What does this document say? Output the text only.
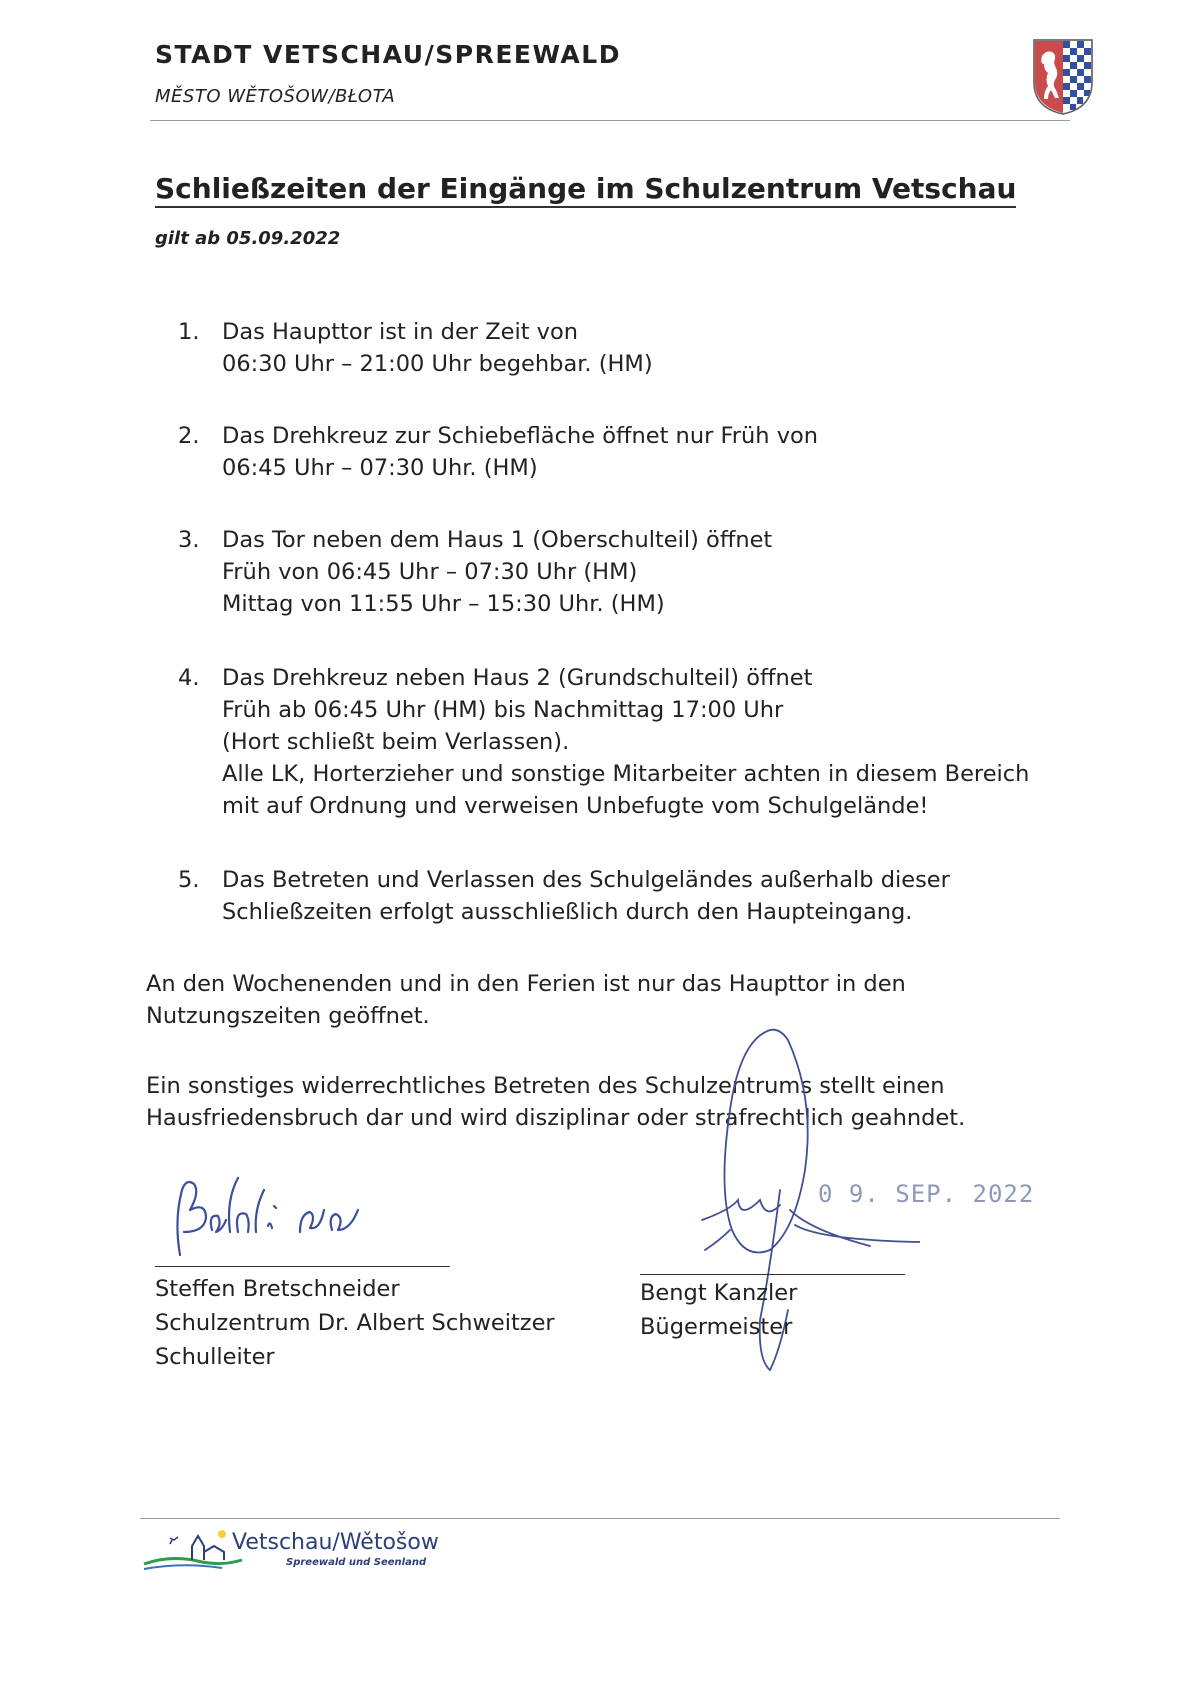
STADT VETSCHAU/SPREEWALD
MĚSTO WĚTOŠOW/BŁOTA
Schließzeiten der Eingänge im Schulzentrum Vetschau
gilt ab 05.09.2022
1.	Das Haupttor ist in der Zeit von
06:30 Uhr – 21:00 Uhr begehbar. (HM)
2.	Das Drehkreuz zur Schiebefläche öffnet nur Früh von
06:45 Uhr – 07:30 Uhr. (HM)
3.	Das Tor neben dem Haus 1 (Oberschulteil) öffnet
Früh von 06:45 Uhr – 07:30 Uhr (HM)
Mittag von 11:55 Uhr – 15:30 Uhr. (HM)
4.	Das Drehkreuz neben Haus 2 (Grundschulteil) öffnet
Früh ab 06:45 Uhr (HM) bis Nachmittag 17:00 Uhr
(Hort schließt beim Verlassen).
Alle LK, Horterzieher und sonstige Mitarbeiter achten in diesem Bereich
mit auf Ordnung und verweisen Unbefugte vom Schulgelände!
5.	Das Betreten und Verlassen des Schulgeländes außerhalb dieser
Schließzeiten erfolgt ausschließlich durch den Haupteingang.
An den Wochenenden und in den Ferien ist nur das Haupttor in den
Nutzungszeiten geöffnet.
Ein sonstiges widerrechtliches Betreten des Schulzentrums stellt einen
Hausfriedensbruch dar und wird disziplinar oder strafrechtlich geahndet.
Steffen Bretschneider
Schulzentrum Dr. Albert Schweitzer
Schulleiter
0 9. SEP. 2022
Bengt Kanzler
Bügermeister
Vetschau/Wětošow
Spreewald und Seenland
